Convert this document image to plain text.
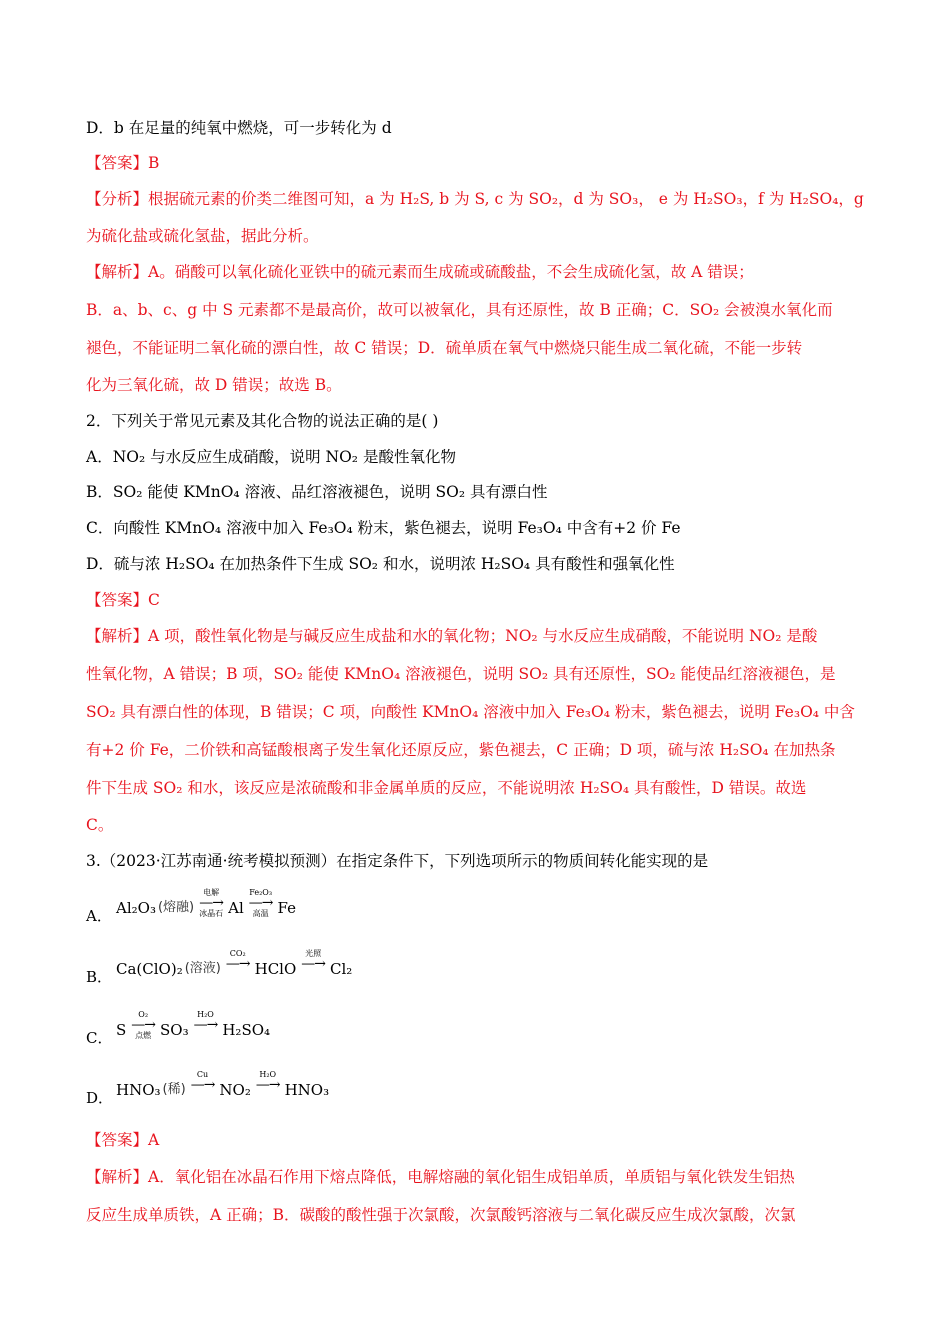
D．b 在足量的纯氧中燃烧，可一步转化为 d
【答案】B
【分析】根据硫元素的价类二维图可知，a 为 H₂S, b 为 S, c 为 SO₂，d 为 SO₃， e 为 H₂SO₃，f 为 H₂SO₄，g
为硫化盐或硫化氢盐，据此分析。
【解析】A。硝酸可以氧化硫化亚铁中的硫元素而生成硫或硫酸盐，不会生成硫化氢，故 A 错误；
B．a、b、c、g 中 S 元素都不是最高价，故可以被氧化，具有还原性，故 B 正确；C．SO₂ 会被溴水氧化而
褪色，不能证明二氧化硫的漂白性，故 C 错误；D．硫单质在氧气中燃烧只能生成二氧化硫，不能一步转
化为三氧化硫，故 D 错误；故选 B。
2．下列关于常见元素及其化合物的说法正确的是( )
A．NO₂ 与水反应生成硝酸，说明 NO₂ 是酸性氧化物
B．SO₂ 能使 KMnO₄ 溶液、品红溶液褪色，说明 SO₂ 具有漂白性
C．向酸性 KMnO₄ 溶液中加入 Fe₃O₄ 粉末，紫色褪去，说明 Fe₃O₄ 中含有+2 价 Fe
D．硫与浓 H₂SO₄ 在加热条件下生成 SO₂ 和水，说明浓 H₂SO₄ 具有酸性和强氧化性
【答案】C
【解析】A 项，酸性氧化物是与碱反应生成盐和水的氧化物；NO₂ 与水反应生成硝酸，不能说明 NO₂ 是酸
性氧化物，A 错误；B 项，SO₂ 能使 KMnO₄ 溶液褪色，说明 SO₂ 具有还原性，SO₂ 能使品红溶液褪色，是
SO₂ 具有漂白性的体现，B 错误；C 项，向酸性 KMnO₄ 溶液中加入 Fe₃O₄ 粉末，紫色褪去，说明 Fe₃O₄ 中含
有+2 价 Fe，二价铁和高锰酸根离子发生氧化还原反应，紫色褪去，C 正确；D 项，硫与浓 H₂SO₄ 在加热条
件下生成 SO₂ 和水，该反应是浓硫酸和非金属单质的反应，不能说明浓 H₂SO₄ 具有酸性，D 错误。故选
C。
3.（2023·江苏南通·统考模拟预测）在指定条件下，下列选项所示的物质间转化能实现的是
A． Al₂O₃ (熔融)
电解
—→
冰晶石 Al
Fe₂O₃
—→
高温 Fe
B． Ca(ClO)₂ (溶液)
CO₂
—→ HClO
光照
—→ Cl₂
C． S
O₂
—→
点燃 SO₃
H₂O
—→ H₂SO₄
D． HNO₃ (稀)
Cu
—→ NO₂
H₂O
—→ HNO₃
【答案】A
【解析】A．氧化铝在冰晶石作用下熔点降低，电解熔融的氧化铝生成铝单质，单质铝与氧化铁发生铝热
反应生成单质铁，A 正确；B．碳酸的酸性强于次氯酸，次氯酸钙溶液与二氧化碳反应生成次氯酸，次氯
